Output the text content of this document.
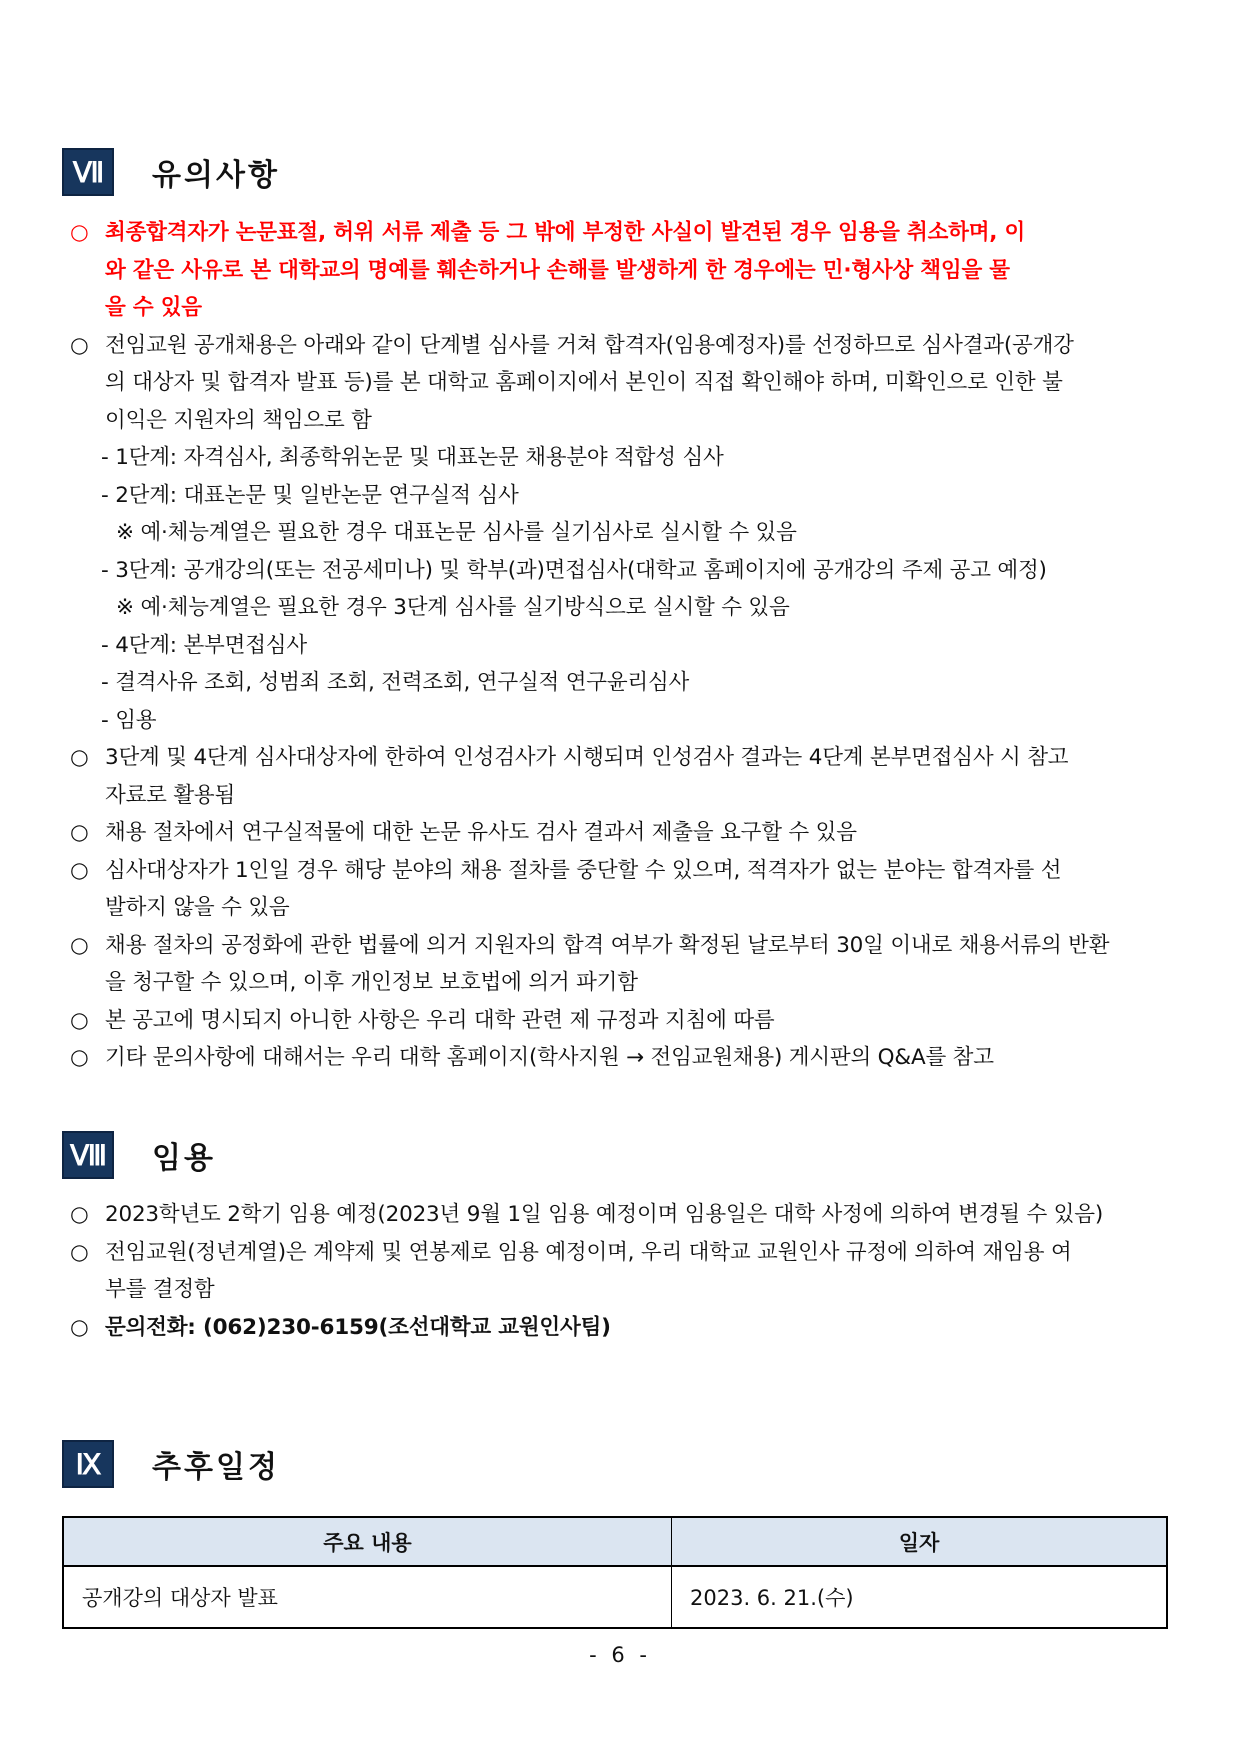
Ⅶ	유의사항
○ 최종합격자가 논문표절, 허위 서류 제출 등 그 밖에 부정한 사실이 발견된 경우 임용을 취소하며, 이
와 같은 사유로 본 대학교의 명예를 훼손하거나 손해를 발생하게 한 경우에는 민·형사상 책임을 물
을 수 있음
○ 전임교원 공개채용은 아래와 같이 단계별 심사를 거쳐 합격자(임용예정자)를 선정하므로 심사결과(공개강
의 대상자 및 합격자 발표 등)를 본 대학교 홈페이지에서 본인이 직접 확인해야 하며, 미확인으로 인한 불
이익은 지원자의 책임으로 함
- 1단계: 자격심사, 최종학위논문 및 대표논문 채용분야 적합성 심사
- 2단계: 대표논문 및 일반논문 연구실적 심사
※ 예·체능계열은 필요한 경우 대표논문 심사를 실기심사로 실시할 수 있음
- 3단계: 공개강의(또는 전공세미나) 및 학부(과)면접심사(대학교 홈페이지에 공개강의 주제 공고 예정)
※ 예·체능계열은 필요한 경우 3단계 심사를 실기방식으로 실시할 수 있음
- 4단계: 본부면접심사
- 결격사유 조회, 성범죄 조회, 전력조회, 연구실적 연구윤리심사
- 임용
○ 3단계 및 4단계 심사대상자에 한하여 인성검사가 시행되며 인성검사 결과는 4단계 본부면접심사 시 참고
자료로 활용됨
○ 채용 절차에서 연구실적물에 대한 논문 유사도 검사 결과서 제출을 요구할 수 있음
○ 심사대상자가 1인일 경우 해당 분야의 채용 절차를 중단할 수 있으며, 적격자가 없는 분야는 합격자를 선
발하지 않을 수 있음
○ 채용 절차의 공정화에 관한 법률에 의거 지원자의 합격 여부가 확정된 날로부터 30일 이내로 채용서류의 반환
을 청구할 수 있으며, 이후 개인정보 보호법에 의거 파기함
○ 본 공고에 명시되지 아니한 사항은 우리 대학 관련 제 규정과 지침에 따름
○ 기타 문의사항에 대해서는 우리 대학 홈페이지(학사지원 → 전임교원채용) 게시판의 Q&A를 참고
Ⅷ 임용
○ 2023학년도 2학기 임용 예정(2023년 9월 1일 임용 예정이며 임용일은 대학 사정에 의하여 변경될 수 있음)
○ 전임교원(정년계열)은 계약제 및 연봉제로 임용 예정이며, 우리 대학교 교원인사 규정에 의하여 재임용 여
부를 결정함
○ 문의전화: (062)230-6159(조선대학교 교원인사팀)
Ⅸ	추후일정
주요 내용	일자
공개강의 대상자 발표	2023. 6. 21.(수)
- 6 -
